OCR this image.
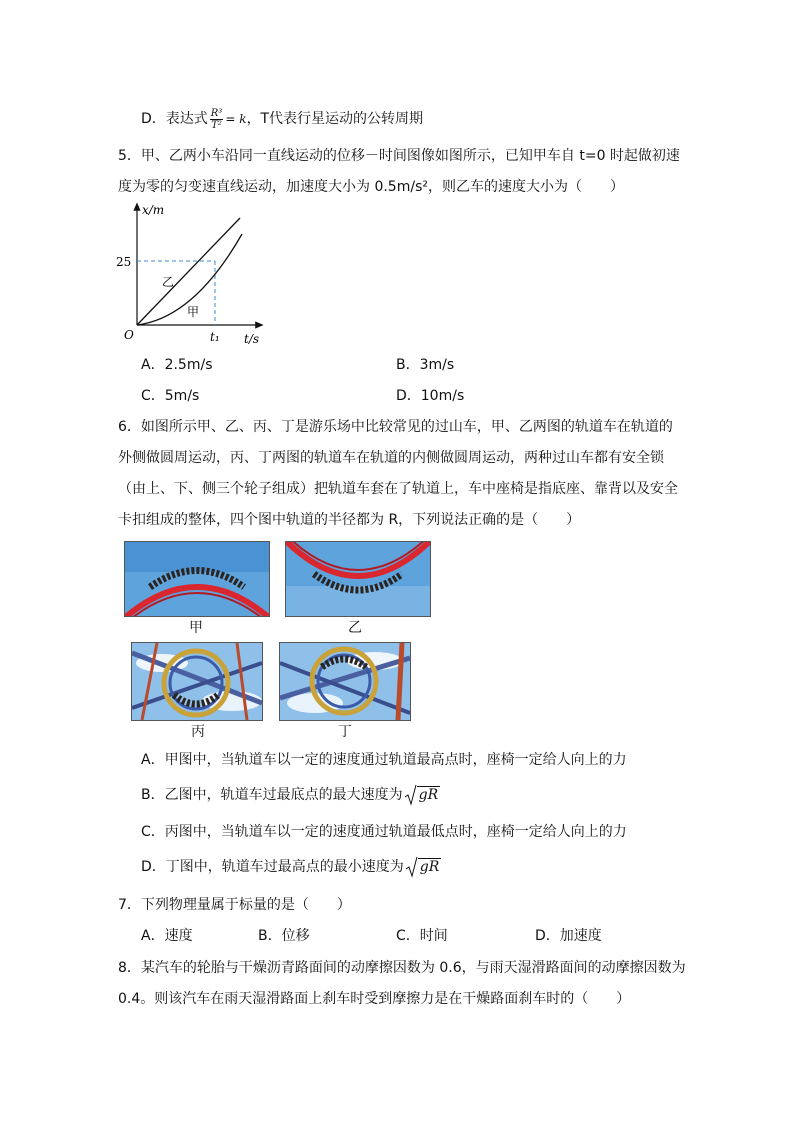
D．表达式 $\frac{\text{R³}}{\text{T²}} = k$，T代表行星运动的公转周期
5．甲、乙两小车沿同一直线运动的位移－时间图像如图所示，已知甲车自 t=0 时起做初速
度为零的匀变速直线运动，加速度大小为 0.5m/s²，则乙车的速度大小为（　　）
x/m
25
O	t₁ t/s
乙
甲
A．2.5m/s	B．3m/s
C．5m/s	D．10m/s
6．如图所示甲、乙、丙、丁是游乐场中比较常见的过山车，甲、乙两图的轨道车在轨道的
外侧做圆周运动，丙、丁两图的轨道车在轨道的内侧做圆周运动，两种过山车都有安全锁
（由上、下、侧三个轮子组成）把轨道车套在了轨道上，车中座椅是指底座、靠背以及安全
卡扣组成的整体，四个图中轨道的半径都为 R，下列说法正确的是（　　）
甲	乙
丙	丁
A．甲图中，当轨道车以一定的速度通过轨道最高点时，座椅一定给人向上的力
B．乙图中，轨道车过最底点的最大速度为 gR
C．丙图中，当轨道车以一定的速度通过轨道最低点时，座椅一定给人向上的力
D．丁图中，轨道车过最高点的最小速度为 gR
7．下列物理量属于标量的是（　　）
A．速度	B．位移	C．时间	D．加速度
8．某汽车的轮胎与干燥沥青路面间的动摩擦因数为 0.6，与雨天湿滑路面间的动摩擦因数为
0.4。则该汽车在雨天湿滑路面上刹车时受到摩擦力是在干燥路面刹车时的（　　）
